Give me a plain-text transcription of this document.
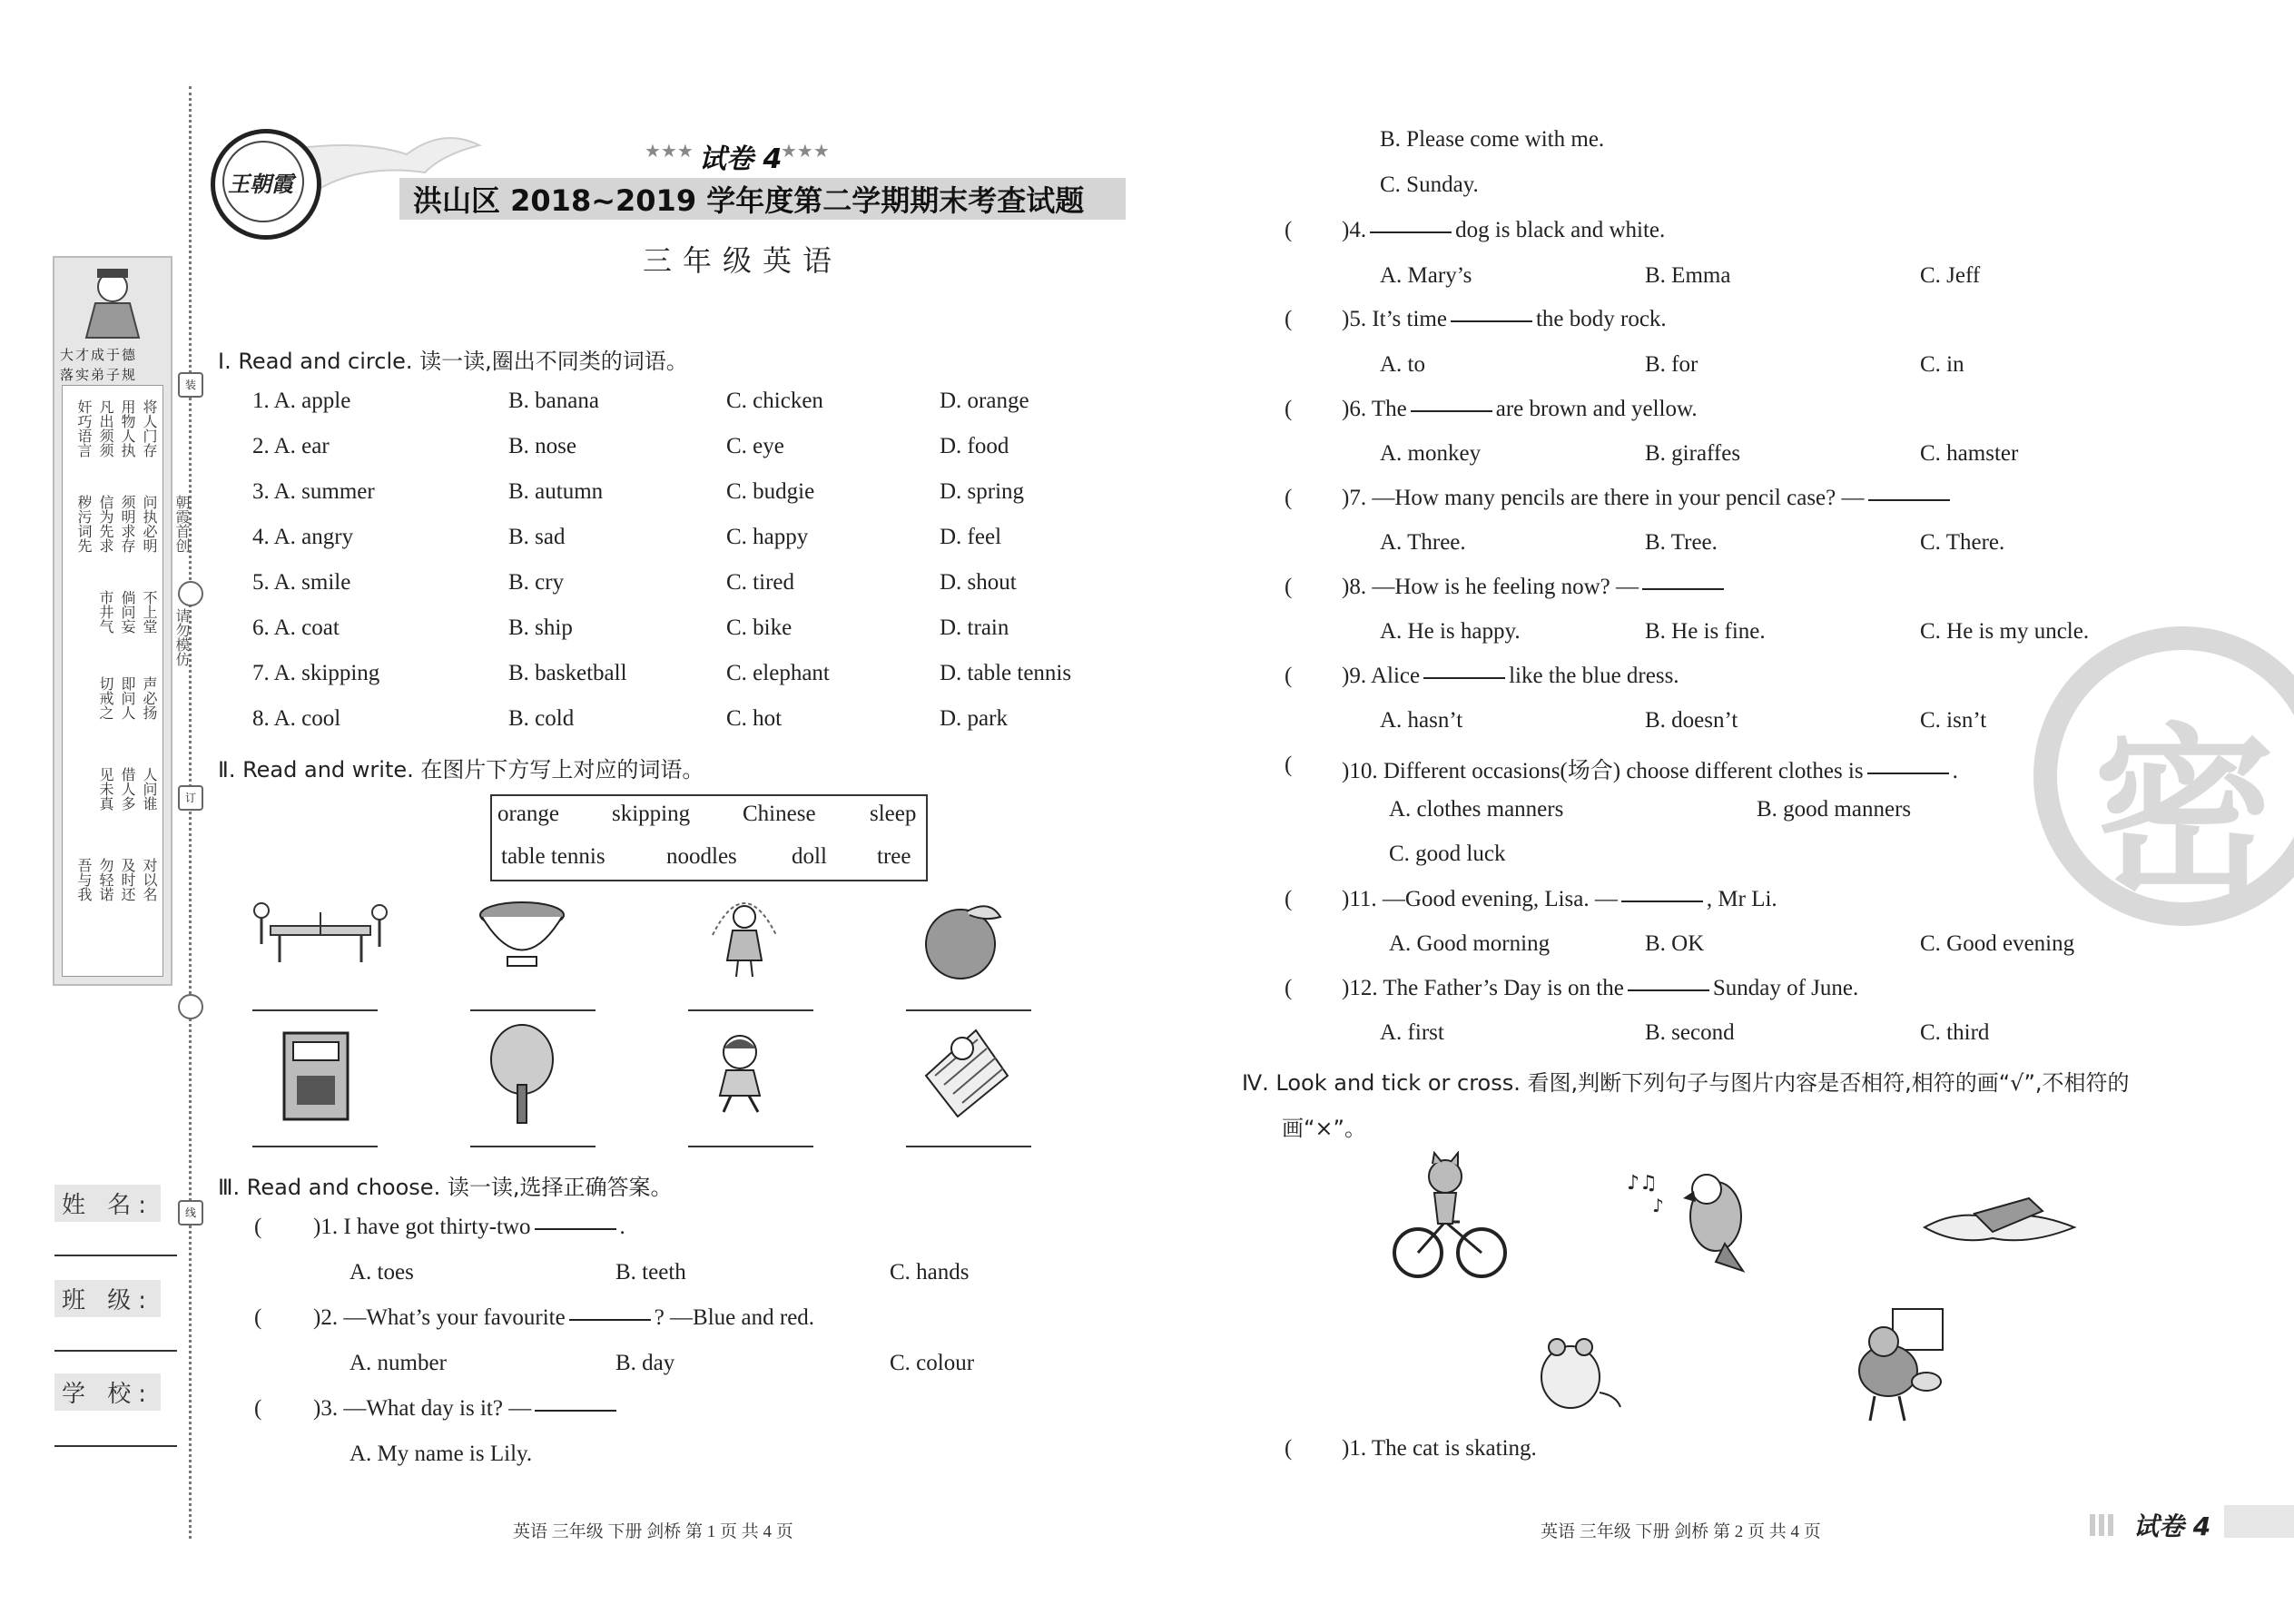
大才成于德
落实弟子规
将人门存
用物人执
凡出须须
奸巧语言
问执必明
须明求存
信为先求
秽污词先
不上堂
倘问妄
市井气
声必扬
即问人
切戒之
人问谁
借人多
见未真
对以名
及时还
勿轻诺
吾与我
装
订
线
朝霞首创
请勿模仿
姓 名:
班 级:
学 校:
王朝霞
★★★ 试卷 4
★★★
洪山区 2018~2019 学年度第二学期期末考查试题
三年级英语
Ⅰ. Read and circle. 读一读,圈出不同类的词语。
1. A. apple	B. banana	C. chicken	D. orange
2. A. ear	B. nose	C. eye	D. food
3. A. summer	B. autumn	C. budgie	D. spring
4. A. angry	B. sad	C. happy	D. feel
5. A. smile	B. cry	C. tired	D. shout
6. A. coat	B. ship	C. bike	D. train
7. A. skipping	B. basketball	C. elephant	D. table tennis
8. A. cool	B. cold	C. hot	D. park
Ⅱ. Read and write. 在图片下方写上对应的词语。
orange skipping Chinese sleep
table tennis	noodles doll tree
Ⅲ. Read and choose. 读一读,选择正确答案。
( )1. I have got thirty-two	.
A. toes	B. teeth	C. hands
( )2. —What’s your favourite	? —Blue and red.
A. number	B. day	C. colour
( )3. —What day is it? —
A. My name is Lily.
英语 三年级 下册 剑桥 第 1 页 共 4 页
密
B. Please come with me.
C. Sunday.
( )4.	dog is black and white.
A. Mary’s	B. Emma	C. Jeff
( )5. It’s time	the body rock.
A. to	B. for	C. in
( )6. The	are brown and yellow.
A. monkey	B. giraffes	C. hamster
( )7. —How many pencils are there in your pencil case? —
A. Three.	B. Tree.	C. There.
( )8. —How is he feeling now? —
A. He is happy.	B. He is fine.	C. He is my uncle.
( )9. Alice	like the blue dress.
A. hasn’t	B. doesn’t	C. isn’t
( )10. Different occasions(场合) choose different clothes is	.
A. clothes manners	B. good manners
C. good luck
( )11. —Good evening, Lisa. —	, Mr Li.
A. Good morning	B. OK	C. Good evening
( )12. The Father’s Day is on the	Sunday of June.
A. first	B. second	C. third
Ⅳ. Look and tick or cross. 看图,判断下列句子与图片内容是否相符,相符的画“√”,不相符的
画“×”。
♪♫
♪
( )1. The cat is skating.
英语 三年级 下册 剑桥 第 2 页 共 4 页	试卷 4
